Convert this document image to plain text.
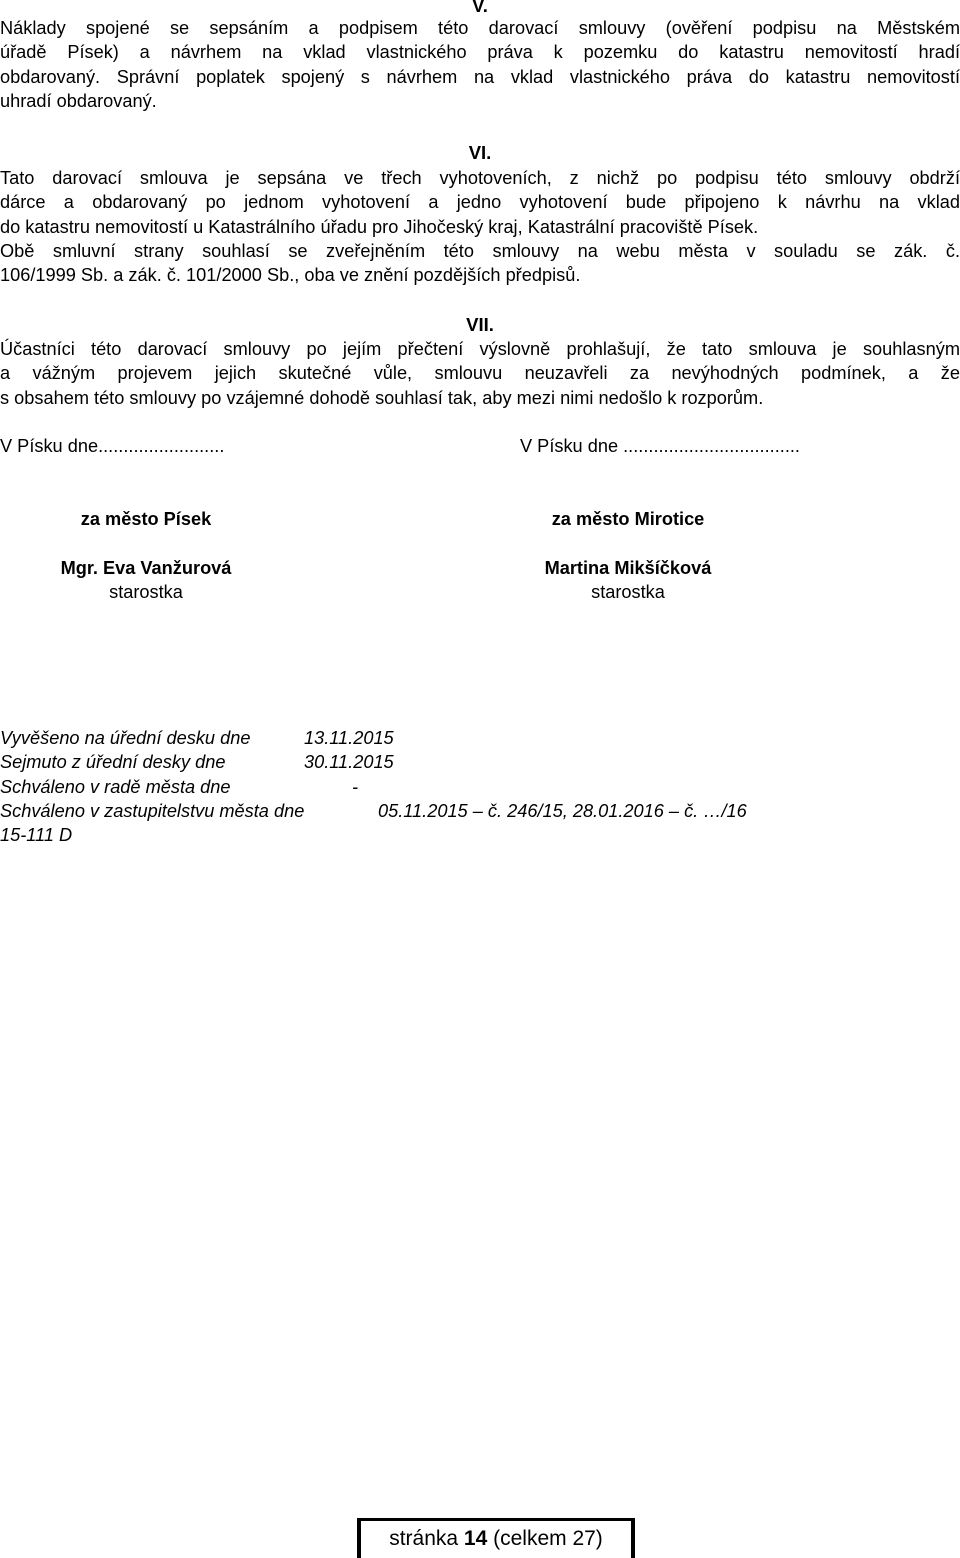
V.
Náklady spojené se sepsáním a podpisem této darovací smlouvy (ověření podpisu na Městském
úřadě Písek) a návrhem na vklad vlastnického práva k pozemku do katastru nemovitostí hradí
obdarovaný. Správní poplatek spojený s návrhem na vklad vlastnického práva do katastru nemovitostí
uhradí obdarovaný.
VI.
Tato darovací smlouva je sepsána ve třech vyhotoveních, z nichž po podpisu této smlouvy obdrží
dárce a obdarovaný po jednom vyhotovení a jedno vyhotovení bude připojeno k návrhu na vklad
do katastru nemovitostí u Katastrálního úřadu pro Jihočeský kraj, Katastrální pracoviště Písek.
Obě smluvní strany souhlasí se zveřejněním této smlouvy na webu města v souladu se zák. č.
106/1999 Sb. a zák. č. 101/2000 Sb., oba ve znění pozdějších předpisů.
VII.
Účastníci této darovací smlouvy po jejím přečtení výslovně prohlašují, že tato smlouva je souhlasným
a vážným projevem jejich skutečné vůle, smlouvu neuzavřeli za nevýhodných podmínek, a že
s obsahem této smlouvy po vzájemné dohodě souhlasí tak, aby mezi nimi nedošlo k rozporům.
V Písku dne.........................	V Písku dne ...................................
za město Písek
Mgr. Eva Vanžurová
starostka
za město Mirotice
Martina Mikšíčková
starostka
Vyvěšeno na úřední desku dne	13.11.2015
Sejmuto z úřední desky dne	30.11.2015
Schváleno v radě města dne	-
Schváleno v zastupitelstvu města dne	05.11.2015 – č. 246/15, 28.01.2016 – č. …/16
15-111 D
stránka 14 (celkem 27)
